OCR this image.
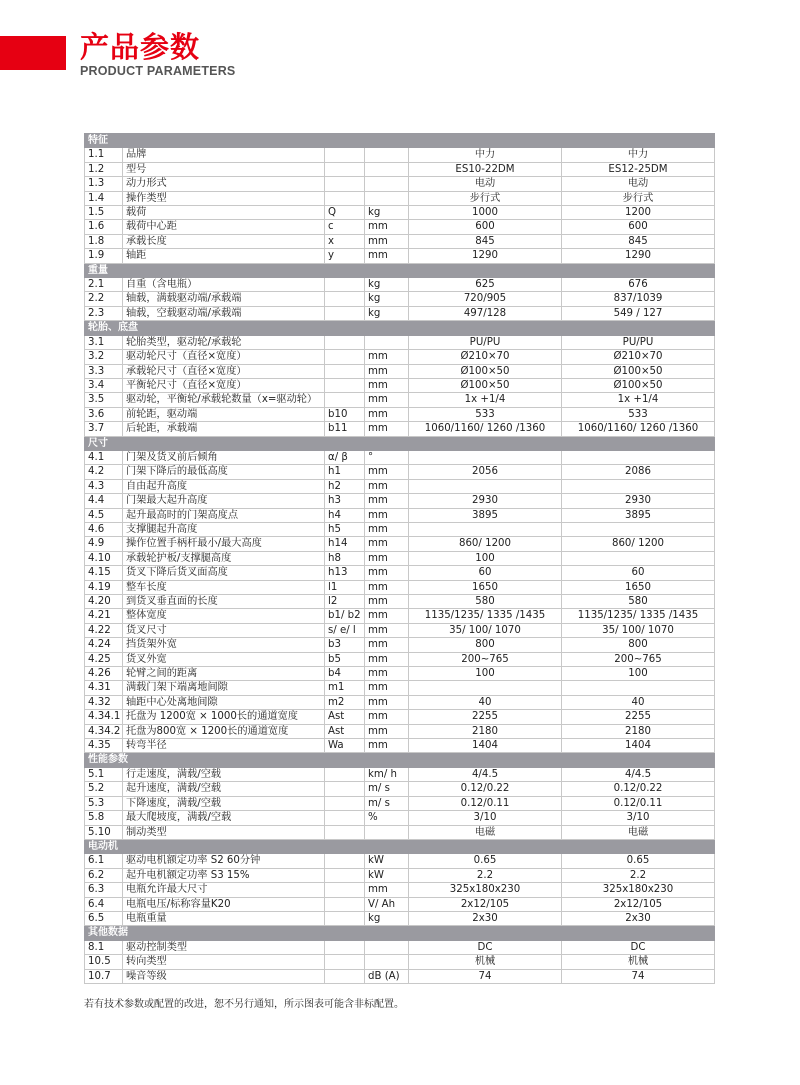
产品参数
PRODUCT PARAMETERS
特征					
1.1	品牌			中力	中力
1.2	型号			ES10-22DM	ES12-25DM
1.3	动力形式			电动	电动
1.4	操作类型			步行式	步行式
1.5	载荷	Q	kg	1000	1200
1.6	载荷中心距	c	mm	600	600
1.8	承载长度	x	mm	845	845
1.9	轴距	y	mm	1290	1290
重量					
2.1	自重（含电瓶）		kg	625	676
2.2	轴载，满载驱动端/承载端		kg	720/905	837/1039
2.3	轴载，空载驱动端/承载端		kg	497/128	549 / 127
轮胎、底盘					
3.1	轮胎类型，驱动轮/承载轮			PU/PU	PU/PU
3.2	驱动轮尺寸（直径×宽度）		mm	Ø210×70	Ø210×70
3.3	承载轮尺寸（直径×宽度）		mm	Ø100×50	Ø100×50
3.4	平衡轮尺寸（直径×宽度）		mm	Ø100×50	Ø100×50
3.5	驱动轮，平衡轮/承载轮数量（x=驱动轮）		mm	1x +1/4	1x +1/4
3.6	前轮距，驱动端	b10	mm	533	533
3.7	后轮距，承载端	b11	mm	1060/1160/ 1260 /1360	1060/1160/ 1260 /1360
尺寸					
4.1	门架及货叉前后倾角	α/ β	°		
4.2	门架下降后的最低高度	h1	mm	2056	2086
4.3	自由起升高度	h2	mm		
4.4	门架最大起升高度	h3	mm	2930	2930
4.5	起升最高时的门架高度点	h4	mm	3895	3895
4.6	支撑腿起升高度	h5	mm		
4.9	操作位置手柄杆最小/最大高度	h14	mm	860/ 1200	860/ 1200
4.10	承载轮护板/支撑腿高度	h8	mm	100	
4.15	货叉下降后货叉面高度	h13	mm	60	60
4.19	整车长度	l1	mm	1650	1650
4.20	到货叉垂直面的长度	l2	mm	580	580
4.21	整体宽度	b1/ b2	mm	1135/1235/ 1335 /1435	1135/1235/ 1335 /1435
4.22	货叉尺寸	s/ e/ l	mm	35/ 100/ 1070	35/ 100/ 1070
4.24	挡货架外宽	b3	mm	800	800
4.25	货叉外宽	b5	mm	200~765	200~765
4.26	轮臂之间的距离	b4	mm	100	100
4.31	满载门架下端离地间隙	m1	mm		
4.32	轴距中心处离地间隙	m2	mm	40	40
4.34.1	托盘为 1200宽 × 1000长的通道宽度	Ast	mm	2255	2255
4.34.2	托盘为800宽 × 1200长的通道宽度	Ast	mm	2180	2180
4.35	转弯半径	Wa	mm	1404	1404
性能参数					
5.1	行走速度，满载/空载		km/ h	4/4.5	4/4.5
5.2	起升速度，满载/空载		m/ s	0.12/0.22	0.12/0.22
5.3	下降速度，满载/空载		m/ s	0.12/0.11	0.12/0.11
5.8	最大爬坡度，满载/空载		%	3/10	3/10
5.10	制动类型			电磁	电磁
电动机					
6.1	驱动电机额定功率 S2 60分钟		kW	0.65	0.65
6.2	起升电机额定功率 S3 15%		kW	2.2	2.2
6.3	电瓶允许最大尺寸		mm	325x180x230	325x180x230
6.4	电瓶电压/标称容量K20		V/ Ah	2x12/105	2x12/105
6.5	电瓶重量		kg	2x30	2x30
其他数据					
8.1	驱动控制类型			DC	DC
10.5	转向类型			机械	机械
10.7	噪音等级		dB (A)	74	74
若有技术参数或配置的改进，恕不另行通知，所示图表可能含非标配置。
